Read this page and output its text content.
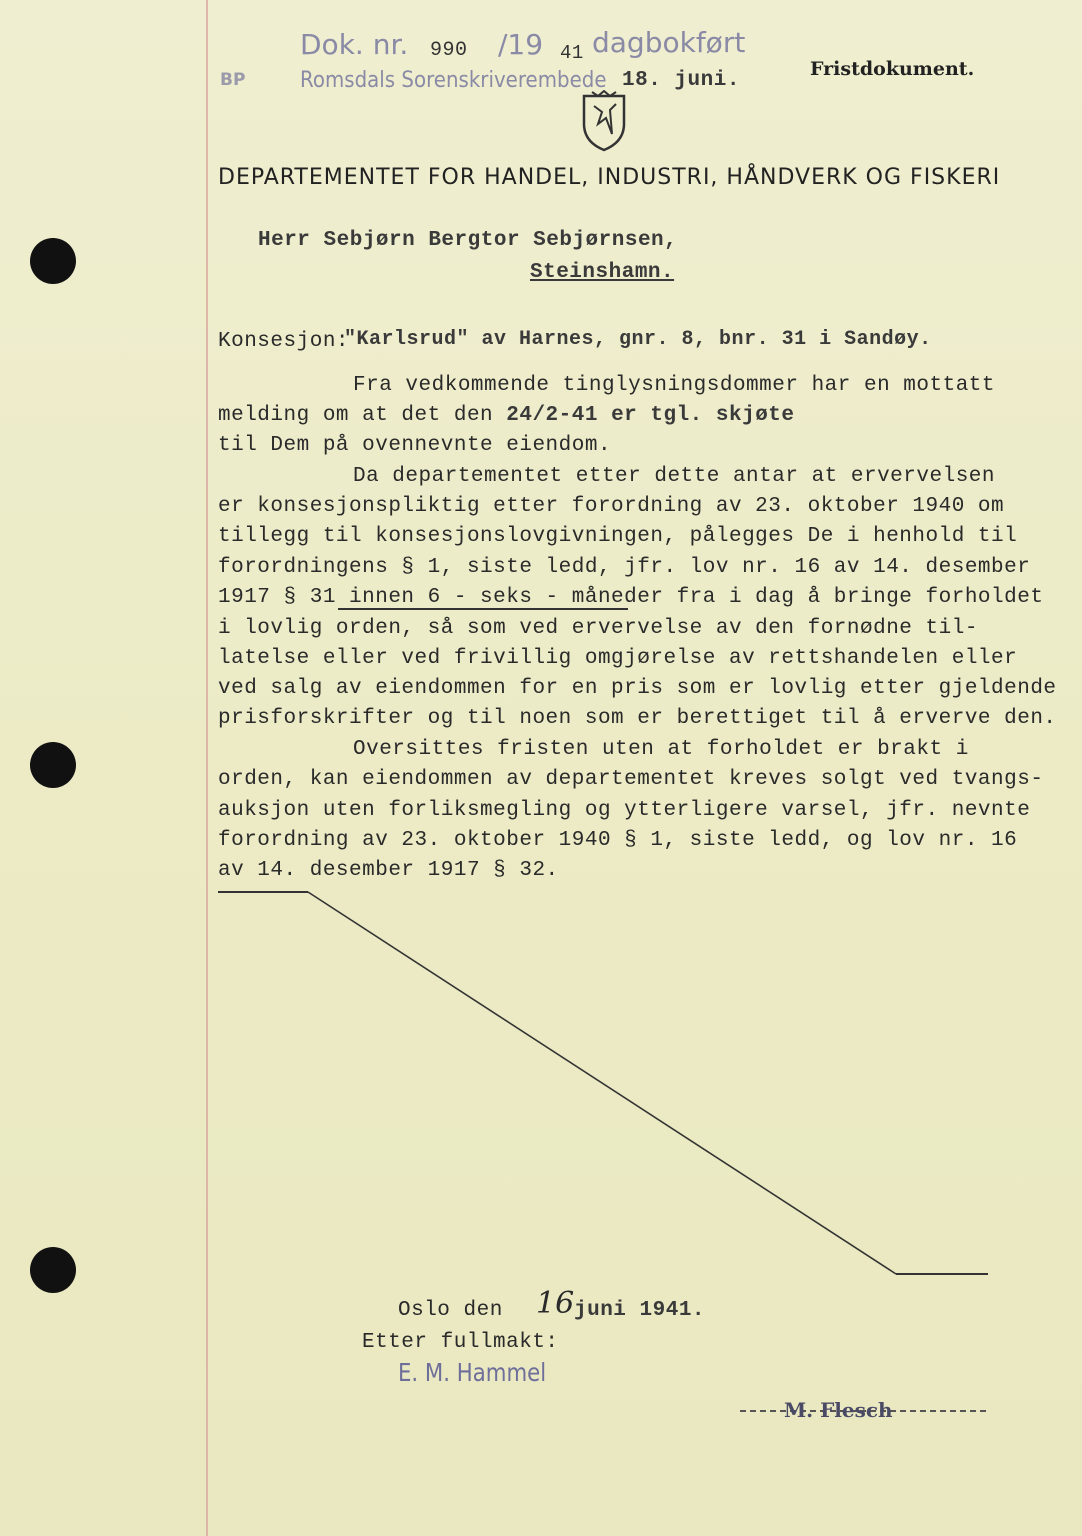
Dok. nr. 990 /19 41 dagbokført
BP Romsdals Sorenskriverembede 18. juni.	Fristdokument.
DEPARTEMENTET FOR HANDEL, INDUSTRI, HÅNDVERK OG FISKERI
Herr Sebjørn Bergtor Sebjørnsen,
Steinshamn.
Konsesjon:
"Karlsrud" av Harnes, gnr. 8, bnr. 31 i Sandøy.
Fra vedkommende tinglysningsdommer har en mottatt
melding om at det den 24/2-41 er tgl. skjøte
til Dem på ovennevnte eiendom.
Da departementet etter dette antar at ervervelsen
er konsesjonspliktig etter forordning av 23. oktober 1940 om
tillegg til konsesjonslovgivningen, pålegges De i henhold til
forordningens § 1, siste ledd, jfr. lov nr. 16 av 14. desember
1917 § 31 innen 6 - seks - måneder fra i dag å bringe forholdet
i lovlig orden, så som ved ervervelse av den fornødne til-
latelse eller ved frivillig omgjørelse av rettshandelen eller
ved salg av eiendommen for en pris som er lovlig etter gjeldende
prisforskrifter og til noen som er berettiget til å erverve den.
Oversittes fristen uten at forholdet er brakt i
orden, kan eiendommen av departementet kreves solgt ved tvangs-
auksjon uten forliksmegling og ytterligere varsel, jfr. nevnte
forordning av 23. oktober 1940 § 1, siste ledd, og lov nr. 16
av 14. desember 1917 § 32.
Oslo den 16 juni 1941.
Etter fullmakt:
E. M. Hammel
M. Flesch
